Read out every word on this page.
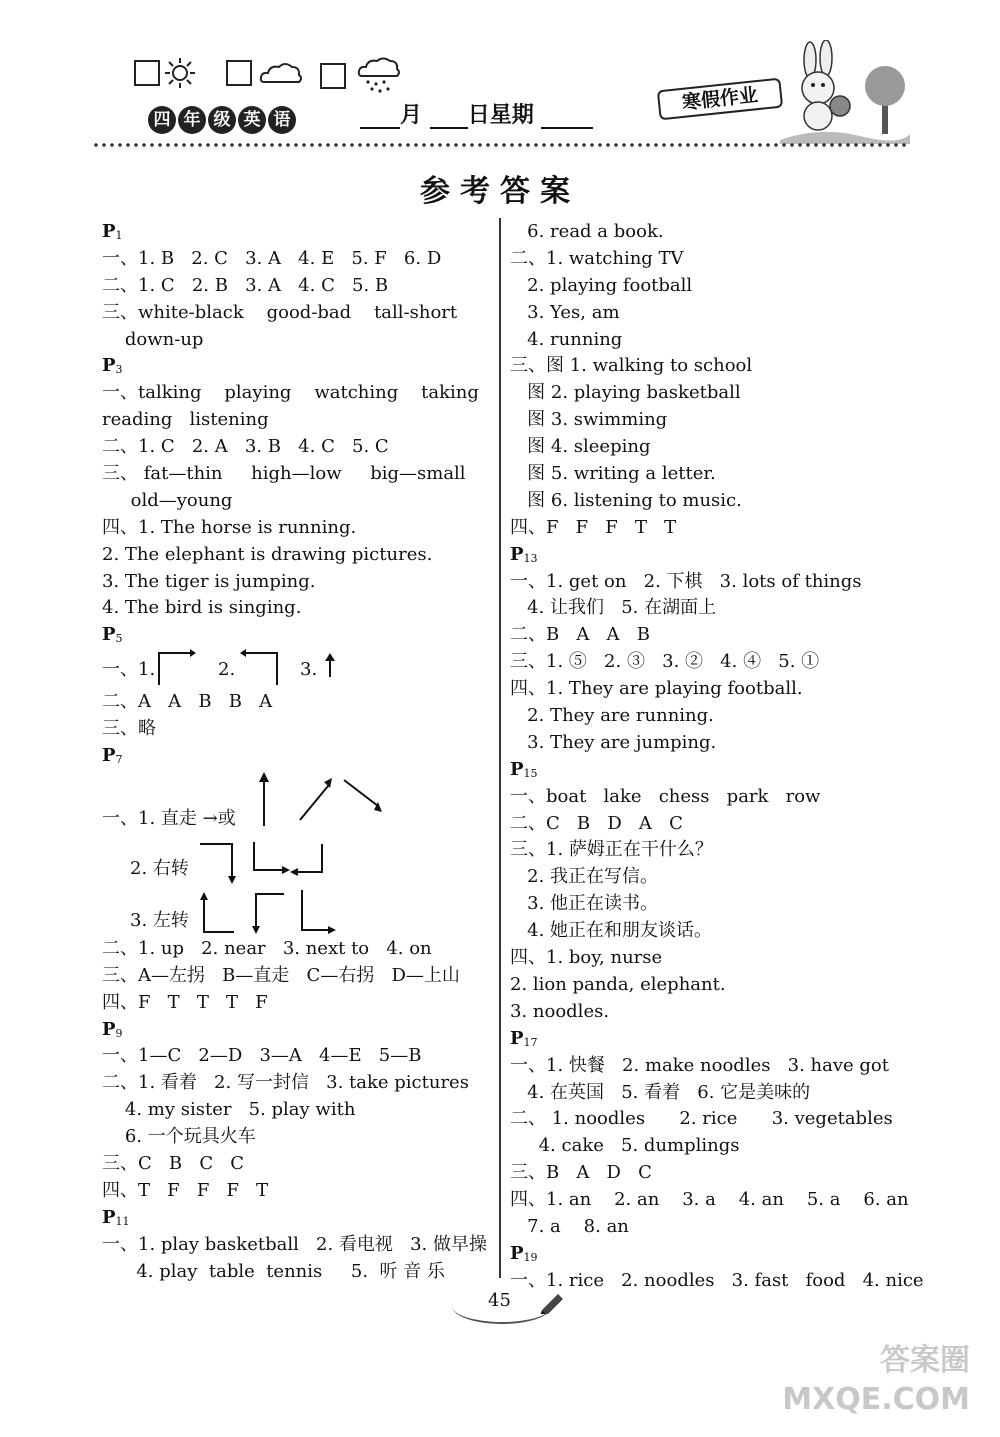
四 年 级 英 语	月 日星期
寒假作业
参考答案
$P_1$
一、1. B   2. C   3. A   4. E   5. F   6. D
二、1. C   2. B   3. A   4. C   5. B
三、white-black    good-bad    tall-short
down-up
$P_3$
一、talking    playing    watching    taking
reading   listening
二、1. C   2. A   3. B   4. C   5. C
三、 fat—thin     high—low     big—small
old—young
四、1. The horse is running.
2. The elephant is drawing pictures.
3. The tiger is jumping.
4. The bird is singing.
$P_5$
一、1.	2.	3.
二、A   A   B   B   A
三、略
$P_7$
一、1. 直走 →或
2. 右转
3. 左转
二、1. up   2. near   3. next to   4. on
三、A—左拐   B—直走   C—右拐   D—上山
四、F   T   T   T   F
$P_9$
一、1—C   2—D   3—A   4—E   5—B
二、1. 看着   2. 写一封信   3. take pictures
4. my sister   5. play with
6. 一个玩具火车
三、C   B   C   C
四、T   F   F   F   T
$P_{11}$
一、1. play basketball   2. 看电视   3. 做早操
4. play  table  tennis     5.  听 音 乐
6. read a book.
二、1. watching TV
2. playing football
3. Yes, am
4. running
三、图 1. walking to school
图 2. playing basketball
图 3. swimming
图 4. sleeping
图 5. writing a letter.
图 6. listening to music.
四、F   F   F   T   T
$P_{13}$
一、1. get on   2. 下棋   3. lots of things
4. 让我们   5. 在湖面上
二、B   A   A   B
三、1. ⑤   2. ③   3. ②   4. ④   5. ①
四、1. They are playing football.
2. They are running.
3. They are jumping.
$P_{15}$
一、boat   lake   chess   park   row
二、C   B   D   A   C
三、1. 萨姆正在干什么？
2. 我正在写信。
3. 他正在读书。
4. 她正在和朋友谈话。
四、1. boy, nurse
2. lion panda, elephant.
3. noodles.
$P_{17}$
一、1. 快餐   2. make noodles   3. have got
4. 在英国   5. 看着   6. 它是美味的
二、 1. noodles      2. rice      3. vegetables
4. cake   5. dumplings
三、B   A   D   C
四、1. an    2. an    3. a    4. an    5. a    6. an
7. a    8. an
$P_{19}$
一、1. rice   2. noodles   3. fast   food   4. nice
45
答案圈
MXQE.COM
